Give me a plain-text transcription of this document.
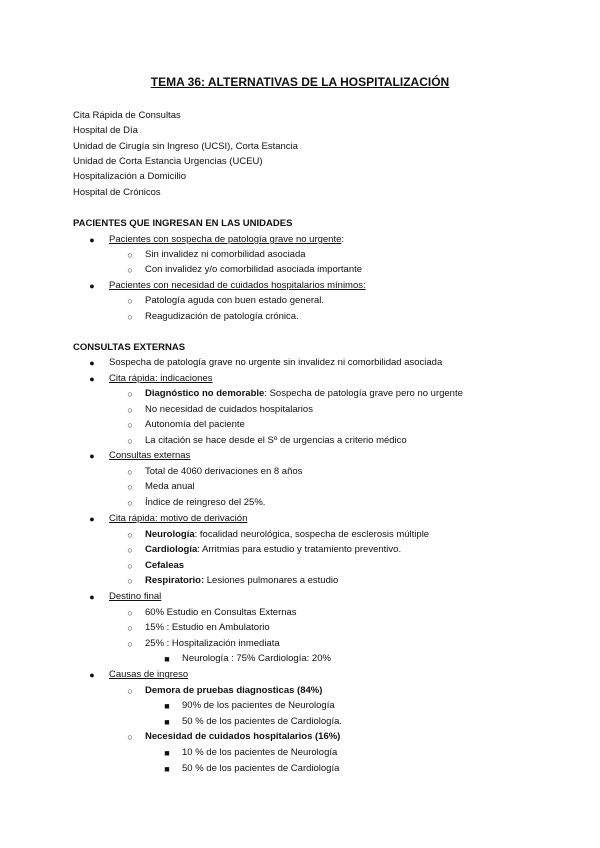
TEMA 36: ALTERNATIVAS DE LA HOSPITALIZACIÓN
Cita Rápida de Consultas
Hospital de Día
Unidad de Cirugía sin Ingreso (UCSI), Corta Estancia
Unidad de Corta Estancia Urgencias (UCEU)
Hospitalización a Domicilio
Hospital de Crónicos
PACIENTES QUE INGRESAN EN LAS UNIDADES
● Pacientes con sospecha de patología grave no urgente:
○ Sin invalidez ni comorbilidad asociada
○ Con invalidez y/o comorbilidad asociada importante
● Pacientes con necesidad de cuidados hospitalarios mínimos:
○ Patología aguda con buen estado general.
○ Reagudización de patología crónica.
CONSULTAS EXTERNAS
● Sospecha de patología grave no urgente sin invalidez ni comorbilidad asociada
● Cita rápida: indicaciones
○ Diagnóstico no demorable: Sospecha de patología grave pero no urgente
○ No necesidad de cuidados hospitalarios
○ Autonomía del paciente
○ La citación se hace desde el Sº de urgencias a criterio médico
● Consultas externas
○ Total de 4060 derivaciones en 8 años
○ Meda anual
○ Índice de reingreso del 25%.
● Cita rápida: motivo de derivación
○ Neurología: focalidad neurológica, sospecha de esclerosis múltiple
○ Cardiología: Arritmias para estudio y tratamiento preventivo.
○ Cefaleas
○ Respiratorio: Lesiones pulmonares a estudio
● Destino final
○ 60% Estudio en Consultas Externas
○ 15% : Estudio en Ambulatorio
○ 25% : Hospitalización inmediata
■ Neurología : 75% Cardiología: 20%
● Causas de ingreso
○ Demora de pruebas diagnosticas (84%)
■ 90% de los pacientes de Neurología
■ 50 % de los pacientes de Cardiología.
○ Necesidad de cuidados hospitalarios (16%)
■ 10 % de los pacientes de Neurología
■ 50 % de los pacientes de Cardiología
